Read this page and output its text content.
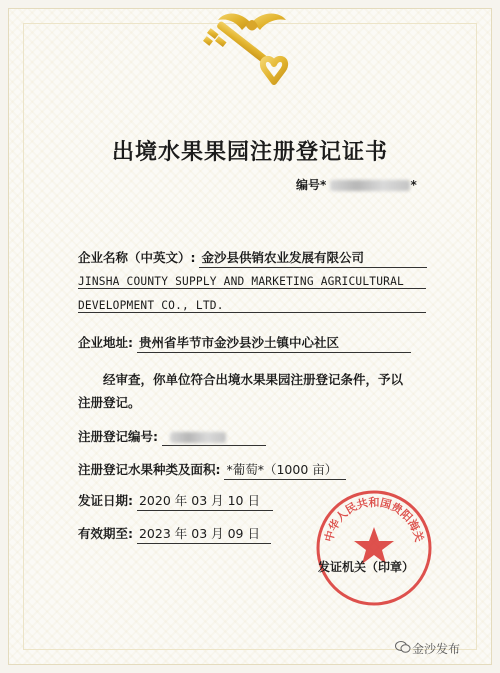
出境水果果园注册登记证书
编号*	*
企业名称（中英文）: 金沙县供销农业发展有限公司
JINSHA COUNTY SUPPLY AND MARKETING AGRICULTURAL
DEVELOPMENT CO., LTD.
企业地址: 贵州省毕节市金沙县沙土镇中心社区
经审查，你单位符合出境水果果园注册登记条件，予以
注册登记。
注册登记编号:
注册登记水果种类及面积: *葡萄*（1000 亩）
发证日期: 2020 年 03 月 10 日
有效期至: 2023 年 03 月 09 日	中华人民共和国贵阳海关
发证机关（印章）
金沙发布
